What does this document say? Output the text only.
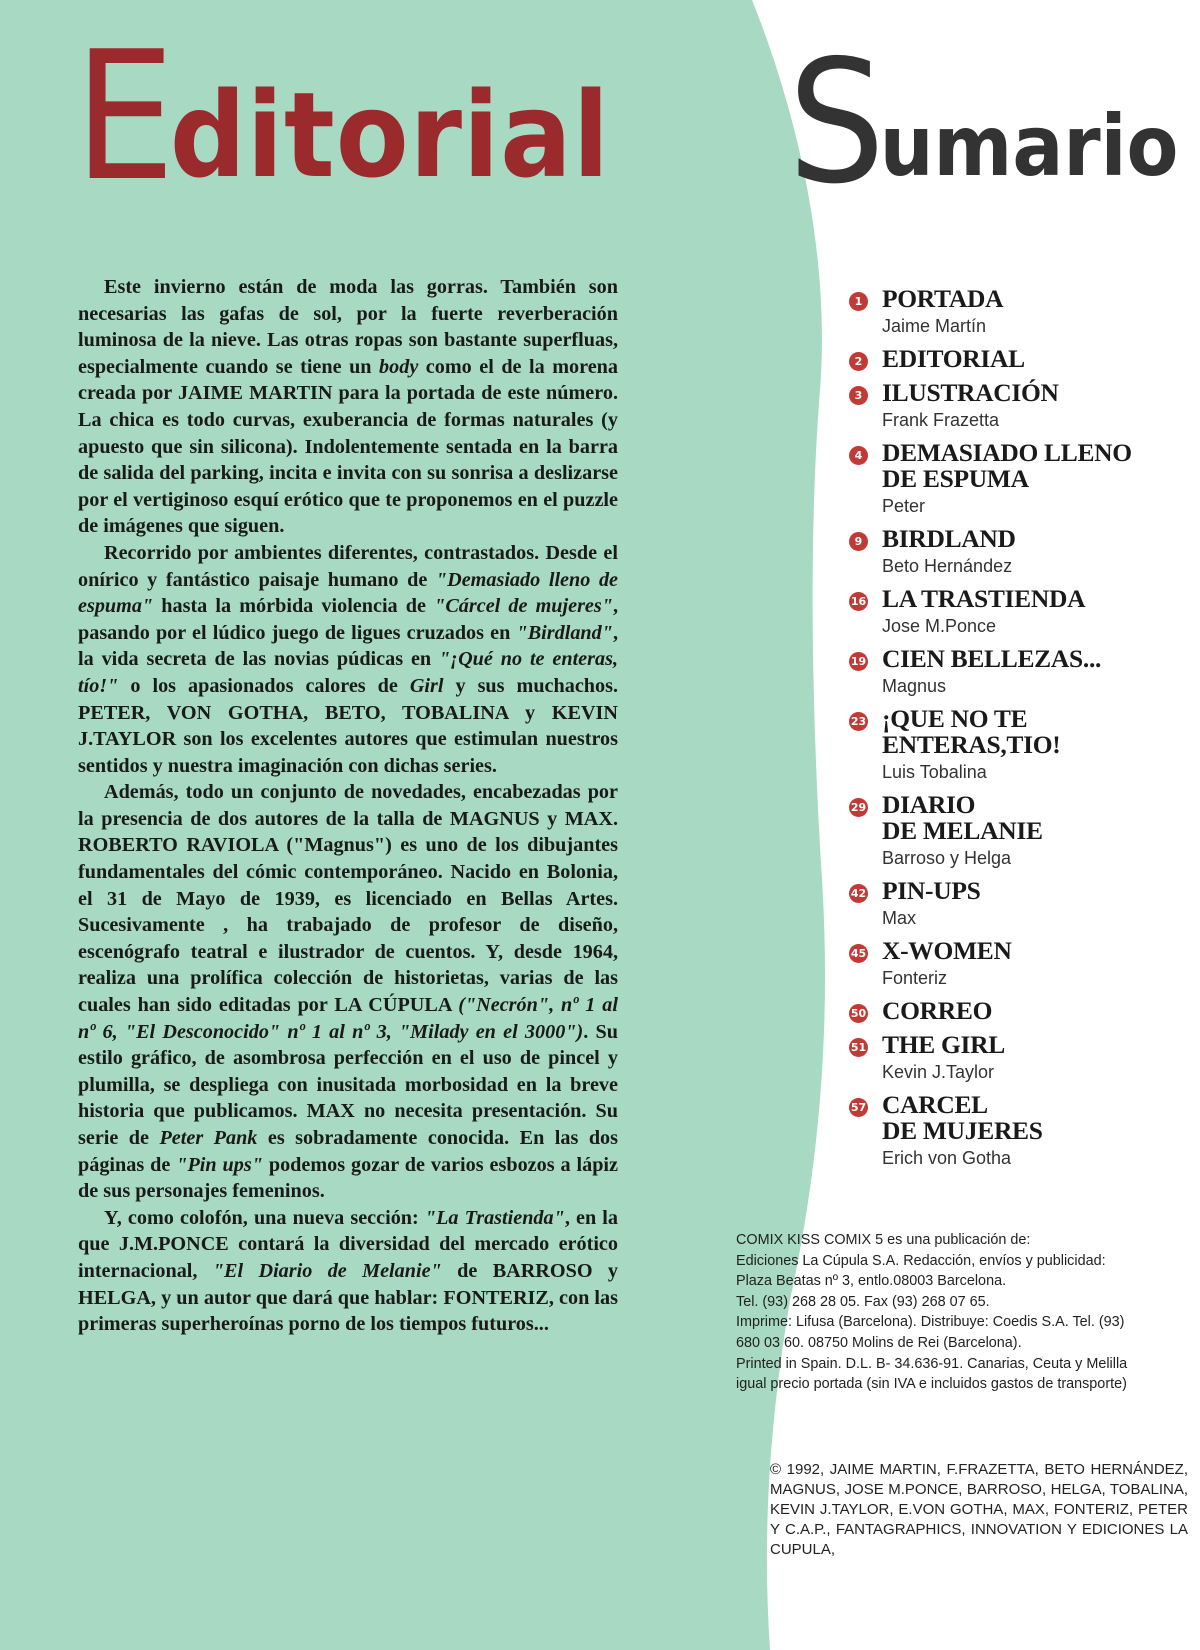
Editorial

Este invierno están de moda las gorras. También son necesarias las gafas de sol, por la fuerte reverberación luminosa de la nieve. Las otras ropas son bastante superfluas, especialmente cuando se tiene un body como el de la morena creada por JAIME MARTIN para la portada de este número. La chica es todo curvas, exuberancia de formas naturales (y apuesto que sin silicona). Indolentemente sentada en la barra de salida del parking, incita e invita con su sonrisa a deslizarse por el vertiginoso esquí erótico que te proponemos en el puzzle de imágenes que siguen.

Recorrido por ambientes diferentes, contrastados. Desde el onírico y fantástico paisaje humano de "Demasiado lleno de espuma" hasta la mórbida violencia de "Cárcel de mujeres", pasando por el lúdico juego de ligues cruzados en "Birdland", la vida secreta de las novias púdicas en "¡Qué no te enteras, tío!" o los apasionados calores de Girl y sus muchachos. PETER, VON GOTHA, BETO, TOBALINA y KEVIN J.TAYLOR son los excelentes autores que estimulan nuestros sentidos y nuestra imaginación con dichas series.

Además, todo un conjunto de novedades, encabezadas por la presencia de dos autores de la talla de MAGNUS y MAX. ROBERTO RAVIOLA ("Magnus") es uno de los dibujantes fundamentales del cómic contemporáneo. Nacido en Bolonia, el 31 de Mayo de 1939, es licenciado en Bellas Artes. Sucesivamente , ha trabajado de profesor de diseño, escenógrafo teatral e ilustrador de cuentos. Y, desde 1964, realiza una prolífica colección de historietas, varias de las cuales han sido editadas por LA CÚPULA ("Necrón", nº 1 al nº 6, "El Desconocido" nº 1 al nº 3, "Milady en el 3000"). Su estilo gráfico, de asombrosa perfección en el uso de pincel y plumilla, se despliega con inusitada morbosidad en la breve historia que publicamos. MAX no necesita presentación. Su serie de Peter Pank es sobradamente conocida. En las dos páginas de "Pin ups" podemos gozar de varios esbozos a lápiz de sus personajes femeninos.

Y, como colofón, una nueva sección: "La Trastienda", en la que J.M.PONCE contará la diversidad del mercado erótico internacional, "El Diario de Melanie" de BARROSO y HELGA, y un autor que dará que hablar: FONTERIZ, con las primeras superheroínas porno de los tiempos futuros...

Sumario
1 PORTADA
Jaime Martín
2 EDITORIAL
3 ILUSTRACIÓN
Frank Frazetta
4 DEMASIADO LLENO
DE ESPUMA
Peter
9 BIRDLAND
Beto Hernández
16 LA TRASTIENDA
Jose M.Ponce
19 CIEN BELLEZAS...
Magnus
23 ¡QUE NO TE
ENTERAS,TIO!
Luis Tobalina
29 DIARIO
DE MELANIE
Barroso y Helga
42 PIN-UPS
Max
45 X-WOMEN
Fonteriz
50 CORREO
51 THE GIRL
Kevin J.Taylor
57 CARCEL
DE MUJERES
Erich von Gotha
COMIX KISS COMIX 5 es una publicación de:
Ediciones La Cúpula S.A. Redacción, envíos y publicidad:
Plaza Beatas nº 3, entlo.08003 Barcelona.
Tel. (93) 268 28 05. Fax (93) 268 07 65.
Imprime: Lifusa (Barcelona). Distribuye: Coedis S.A. Tel. (93)
680 03 60. 08750 Molins de Rei (Barcelona).
Printed in Spain. D.L. B- 34.636-91. Canarias, Ceuta y Melilla
igual precio portada (sin IVA e incluidos gastos de transporte)
© 1992, JAIME MARTIN, F.FRAZETTA, BETO HERNÁNDEZ, MAGNUS, JOSE M.PONCE, BARROSO, HELGA, TOBALINA, KEVIN J.TAYLOR, E.VON GOTHA, MAX, FONTERIZ, PETER Y C.A.P., FANTAGRAPHICS, INNOVATION Y EDICIONES LA CUPULA,
